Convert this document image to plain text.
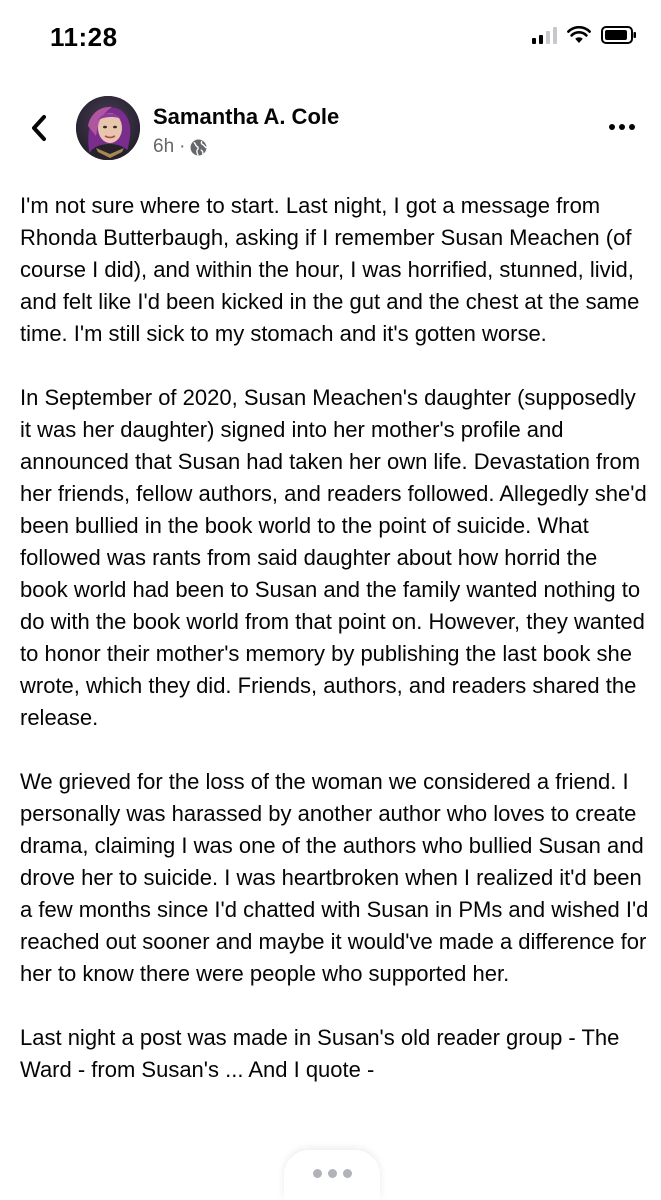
11:28
Samantha A. Cole
6h ·

I'm not sure where to start. Last night, I got a message from Rhonda Butterbaugh, asking if I remember Susan Meachen (of course I did), and within the hour, I was horrified, stunned, livid, and felt like I'd been kicked in the gut and the chest at the same time. I'm still sick to my stomach and it's gotten worse.

In September of 2020, Susan Meachen's daughter (supposedly it was her daughter) signed into her mother's profile and announced that Susan had taken her own life. Devastation from her friends, fellow authors, and readers followed. Allegedly she'd been bullied in the book world to the point of suicide. What followed was rants from said daughter about how horrid the book world had been to Susan and the family wanted nothing to do with the book world from that point on. However, they wanted to honor their mother's memory by publishing the last book she wrote, which they did. Friends, authors, and readers shared the release.

We grieved for the loss of the woman we considered a friend. I personally was harassed by another author who loves to create drama, claiming I was one of the authors who bullied Susan and drove her to suicide. I was heartbroken when I realized it'd been a few months since I'd chatted with Susan in PMs and wished I'd reached out sooner and maybe it would've made a difference for her to know there were people who supported her.

Last night a post was made in Susan's old reader group - The Ward - from Susan's ... And I quote -
